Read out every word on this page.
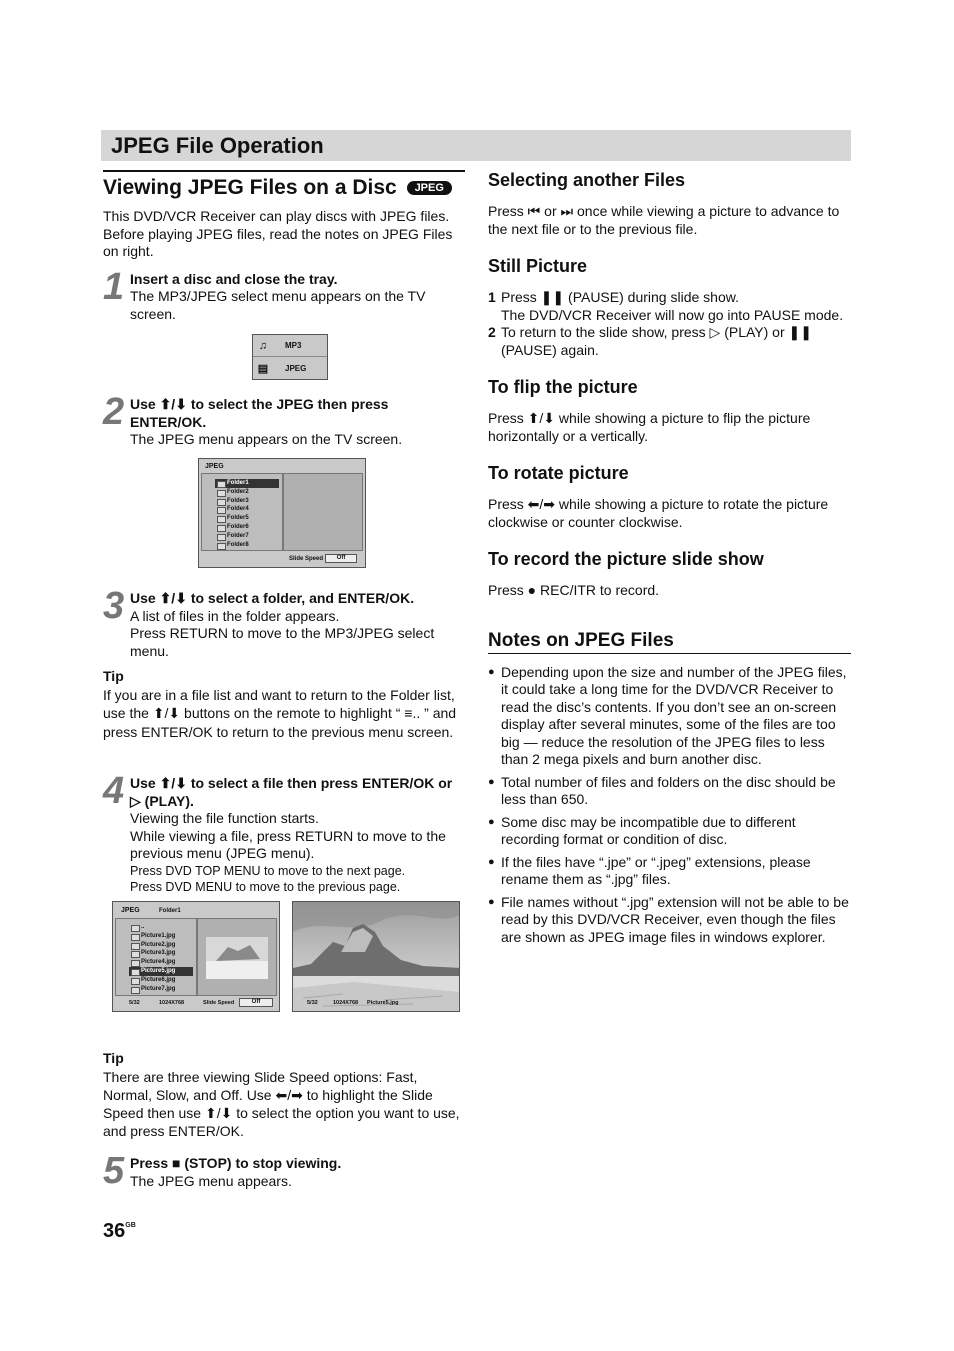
JPEG File Operation
Viewing JPEG Files on a Disc JPEG

This DVD/VCR Receiver can play discs with JPEG files. Before playing JPEG files, read the notes on JPEG Files on right.

1 Insert a disc and close the tray.

The MP3/JPEG select menu appears on the TV screen.

♫	MP3
▤	JPEG
2 Use ⬆/⬇ to select the JPEG then press ENTER/OK.

The JPEG menu appears on the TV screen.

JPEG
Folder1
Folder2
Folder3
Folder4
Folder5
Folder6
Folder7
Folder8
Slide Speed	Off
3 Use ⬆/⬇ to select a folder, and ENTER/OK.

A list of files in the folder appears.

Press RETURN to move to the MP3/JPEG select menu.

Tip

If you are in a file list and want to return to the Folder list, use the ⬆/⬇ buttons on the remote to highlight “ ≡.. ” and press ENTER/OK to return to the previous menu screen.

4 Use ⬆/⬇ to select a file then press ENTER/OK or ▷ (PLAY).

Viewing the file function starts.

While viewing a file, press RETURN to move to the previous menu (JPEG menu).

Press DVD TOP MENU to move to the next page.

Press DVD MENU to move to the previous page.

JPEG	Folder1
..
Picture1.jpg
Picture2.jpg
Picture3.jpg
Picture4.jpg
Picture5.jpg
Picture6.jpg
Picture7.jpg
5/32	1024X768	Slide Speed	Off	5/32	1024X768 Picture5.jpg

Tip

There are three viewing Slide Speed options: Fast, Normal, Slow, and Off. Use ⬅/➡ to highlight the Slide Speed then use ⬆/⬇ to select the option you want to use, and press ENTER/OK.

5 Press ■ (STOP) to stop viewing.

The JPEG menu appears.

$36^{GB}$
Selecting another Files

Press ⏮ or ⏭ once while viewing a picture to advance to the next file or to the previous file.

Still Picture
1 Press ❚❚ (PAUSE) during slide show.
The DVD/VCR Receiver will now go into PAUSE mode.
2 To return to the slide show, press ▷ (PLAY) or ❚❚ (PAUSE) again.
To flip the picture

Press ⬆/⬇ while showing a picture to flip the picture horizontally or a vertically.

To rotate picture

Press ⬅/➡ while showing a picture to rotate the picture clockwise or counter clockwise.

To record the picture slide show

Press ● REC/ITR to record.

Notes on JPEG Files
● Depending upon the size and number of the JPEG files, it could take a long time for the DVD/VCR Receiver to read the disc’s contents. If you don’t see an on-screen display after several minutes, some of the files are too big — reduce the resolution of the JPEG files to less than 2 mega pixels and burn another disc.
● Total number of files and folders on the disc should be less than 650.
● Some disc may be incompatible due to different recording format or condition of disc.
● If the files have “.jpe” or “.jpeg” extensions, please rename them as “.jpg” files.
● File names without “.jpg” extension will not be able to be read by this DVD/VCR Receiver, even though the files are shown as JPEG image files in windows explorer.
